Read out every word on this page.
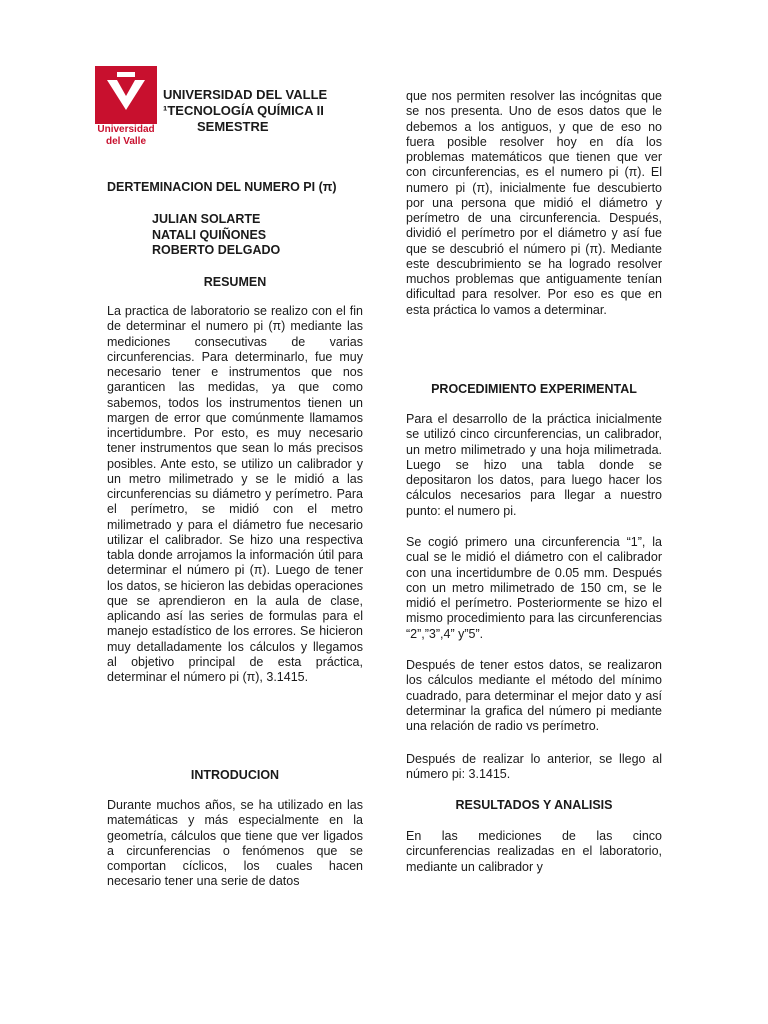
Universidad
del Valle
UNIVERSIDAD DEL VALLE
¹TECNOLOGÍA QUÍMICA II
SEMESTRE
DERTEMINACION DEL NUMERO PI (π)
JULIAN SOLARTE
NATALI QUIÑONES
ROBERTO DELGADO
RESUMEN

La practica de laboratorio se realizo con el fin de determinar el numero pi (π) mediante las mediciones consecutivas de varias circunferencias. Para determinarlo, fue muy necesario tener e instrumentos que nos garanticen las medidas, ya que como sabemos, todos los instrumentos tienen un margen de error que comúnmente llamamos incertidumbre. Por esto, es muy necesario tener instrumentos que sean lo más precisos posibles. Ante esto, se utilizo un calibrador y un metro milimetrado y se le midió a las circunferencias su diámetro y perímetro. Para el perímetro, se midió con el metro milimetrado y para el diámetro fue necesario utilizar el calibrador. Se hizo una respectiva tabla donde arrojamos la información útil para determinar el número pi (π). Luego de tener los datos, se hicieron las debidas operaciones que se aprendieron en la aula de clase, aplicando así las series de formulas para el manejo estadístico de los errores. Se hicieron muy detalladamente los cálculos y llegamos al objetivo principal de esta práctica, determinar el número pi (π), 3.1415.

INTRODUCION

Durante muchos años, se ha utilizado en las matemáticas y más especialmente en la geometría, cálculos que tiene que ver ligados a circunferencias o fenómenos que se comportan cíclicos, los cuales hacen necesario tener una serie de datos

que nos permiten resolver las incógnitas que se nos presenta. Uno de esos datos que le debemos a los antiguos, y que de eso no fuera posible resolver hoy en día los problemas matemáticos que tienen que ver con circunferencias, es el numero pi (π). El numero pi (π), inicialmente fue descubierto por una persona que midió el diámetro y perímetro de una circunferencia. Después, dividió el perímetro por el diámetro y así fue que se descubrió el número pi (π). Mediante este descubrimiento se ha logrado resolver muchos problemas que antiguamente tenían dificultad para resolver. Por eso es que en esta práctica lo vamos a determinar.

PROCEDIMIENTO EXPERIMENTAL

Para el desarrollo de la práctica inicialmente se utilizó cinco circunferencias, un calibrador, un metro milimetrado y una hoja milimetrada. Luego se hizo una tabla donde se depositaron los datos, para luego hacer los cálculos necesarios para llegar a nuestro punto: el numero pi.

Se cogió primero una circunferencia “1”, la cual se le midió el diámetro con el calibrador con una incertidumbre de 0.05 mm. Después con un metro milimetrado de 150 cm, se le midió el perímetro. Posteriormente se hizo el mismo procedimiento para las circunferencias “2”,”3”,4” y”5”.

Después de tener estos datos, se realizaron los cálculos mediante el método del mínimo cuadrado, para determinar el mejor dato y así determinar la grafica del número pi mediante una relación de radio vs perímetro.

Después de realizar lo anterior, se llego al número pi: 3.1415.

RESULTADOS Y ANALISIS

En las mediciones de las cinco circunferencias realizadas en el laboratorio, mediante un calibrador y
